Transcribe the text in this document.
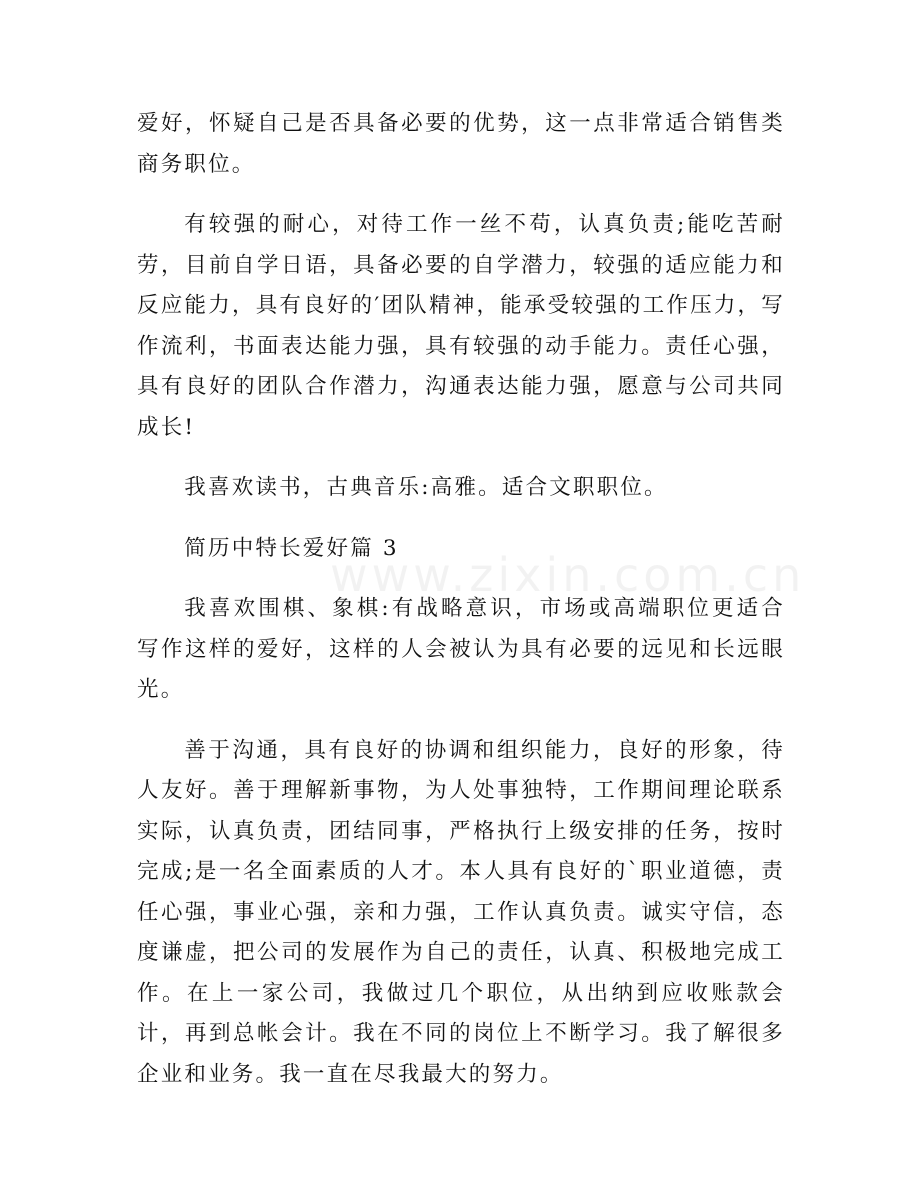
www.zixin.com.cn

爱好，怀疑自己是否具备必要的优势，这一点非常适合销售类商务职位。

有较强的耐心，对待工作一丝不苟，认真负责;能吃苦耐劳，目前自学日语，具备必要的自学潜力，较强的适应能力和反应能力，具有良好的′团队精神，能承受较强的工作压力，写作流利，书面表达能力强，具有较强的动手能力。责任心强，具有良好的团队合作潜力，沟通表达能力强，愿意与公司共同成长!

我喜欢读书，古典音乐:高雅。适合文职职位。

简历中特长爱好篇 3

我喜欢围棋、象棋:有战略意识，市场或高端职位更适合写作这样的爱好，这样的人会被认为具有必要的远见和长远眼光。

善于沟通，具有良好的协调和组织能力，良好的形象，待人友好。善于理解新事物，为人处事独特，工作期间理论联系实际，认真负责，团结同事，严格执行上级安排的任务，按时完成;是一名全面素质的人才。本人具有良好的`职业道德，责任心强，事业心强，亲和力强，工作认真负责。诚实守信，态度谦虚，把公司的发展作为自己的责任，认真、积极地完成工作。在上一家公司，我做过几个职位，从出纳到应收账款会计，再到总帐会计。我在不同的岗位上不断学习。我了解很多企业和业务。我一直在尽我最大的努力。
